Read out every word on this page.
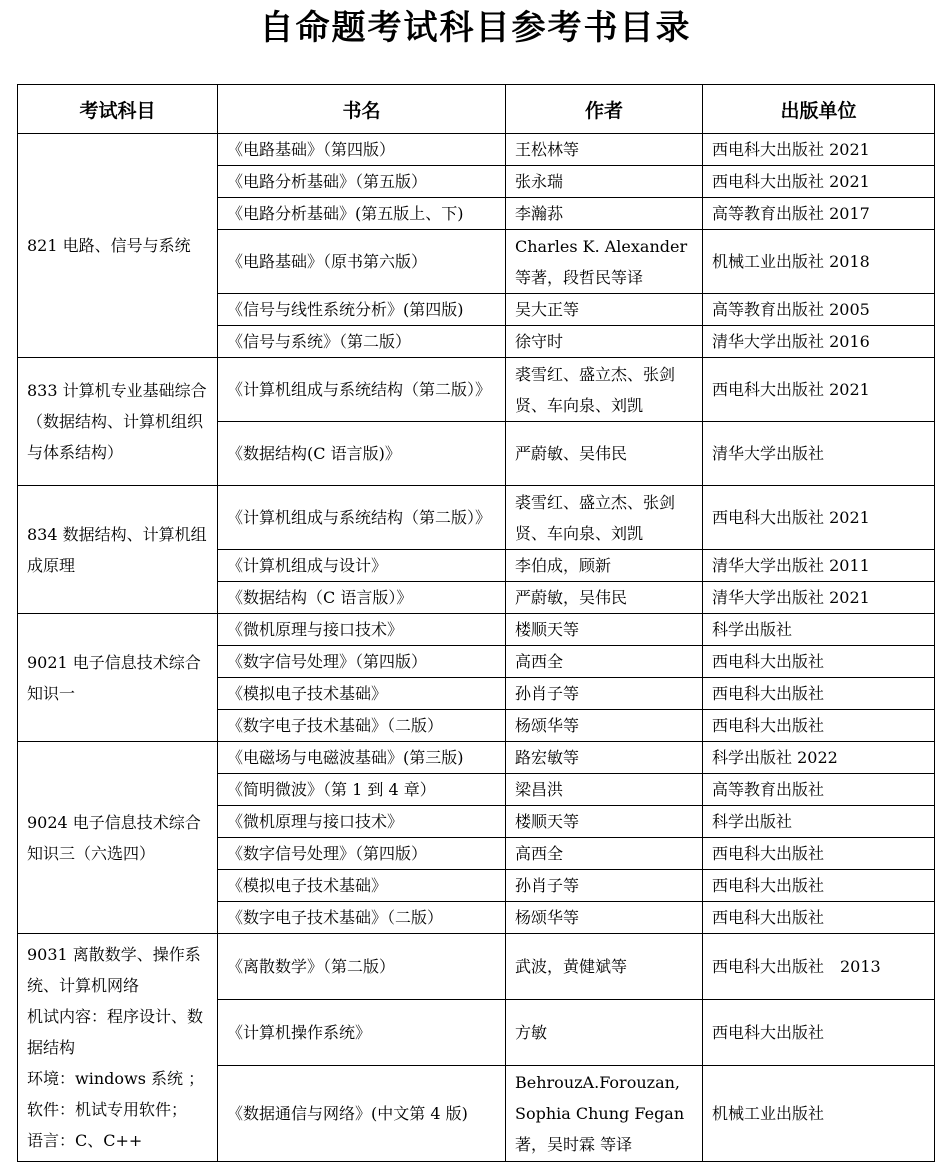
自命题考试科目参考书目录
考试科目	书名	作者	出版单位
821 电路、信号与系统	《电路基础》（第四版）	王松林等	西电科大出版社 2021
	《电路分析基础》（第五版）	张永瑞	西电科大出版社 2021
	《电路分析基础》(第五版上、下)	李瀚荪	高等教育出版社 2017
	《电路基础》（原书第六版）	Charles K. Alexander 等著，段哲民等译	机械工业出版社 2018
	《信号与线性系统分析》(第四版)	吴大正等	高等教育出版社 2005
	《信号与系统》（第二版）	徐守时	清华大学出版社 2016
833 计算机专业基础综合（数据结构、计算机组织与体系结构）	《计算机组成与系统结构（第二版）》	裘雪红、盛立杰、张剑贤、车向泉、刘凯	西电科大出版社 2021
	《数据结构(C 语言版)》	严蔚敏、吴伟民	清华大学出版社
834 数据结构、计算机组成原理	《计算机组成与系统结构（第二版）》	裘雪红、盛立杰、张剑贤、车向泉、刘凯	西电科大出版社 2021
	《计算机组成与设计》	李伯成，顾新	清华大学出版社 2011
	《数据结构（C 语言版）》	严蔚敏，吴伟民	清华大学出版社 2021
9021 电子信息技术综合知识一	《微机原理与接口技术》	楼顺天等	科学出版社
	《数字信号处理》（第四版）	高西全	西电科大出版社
	《模拟电子技术基础》	孙肖子等	西电科大出版社
	《数字电子技术基础》（二版）	杨颂华等	西电科大出版社
9024 电子信息技术综合知识三（六选四）	《电磁场与电磁波基础》(第三版)	路宏敏等	科学出版社 2022
	《简明微波》（第 1 到 4 章）	梁昌洪	高等教育出版社
	《微机原理与接口技术》	楼顺天等	科学出版社
	《数字信号处理》（第四版）	高西全	西电科大出版社
	《模拟电子技术基础》	孙肖子等	西电科大出版社
	《数字电子技术基础》（二版）	杨颂华等	西电科大出版社

9031 离散数学、操作系统、计算机网络
机试内容：程序设计、数据结构
环境：windows 系统 ；
软件：机试专用软件；
语言：C、C++	《离散数学》（第二版）	武波，黄健斌等	西电科大出版社　2013
	《计算机操作系统》	方敏	西电科大出版社
	《数据通信与网络》(中文第 4 版)	BehrouzA.Forouzan, Sophia Chung Fegan 著，吴时霖 等译	机械工业出版社
